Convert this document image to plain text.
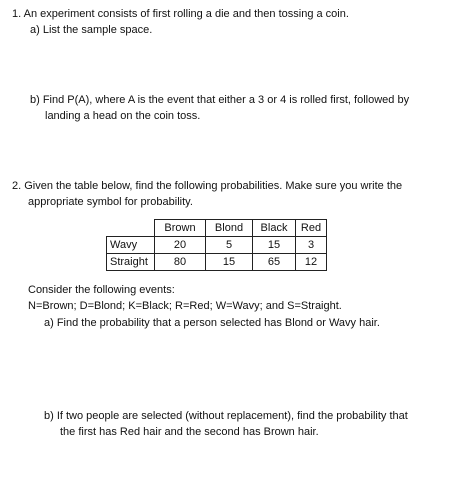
1. An experiment consists of first rolling a die and then tossing a coin.
a) List the sample space.
b) Find P(A), where A is the event that either a 3 or 4 is rolled first, followed by
landing a head on the coin toss.
2. Given the table below, find the following probabilities. Make sure you write the
appropriate symbol for probability.
	Brown	Blond	Black	Red
Wavy	20	5	15	3
Straight	80	15	65	12
Consider the following events:
N=Brown; D=Blond; K=Black; R=Red; W=Wavy; and S=Straight.
a) Find the probability that a person selected has Blond or Wavy hair.
b) If two people are selected (without replacement), find the probability that
the first has Red hair and the second has Brown hair.
